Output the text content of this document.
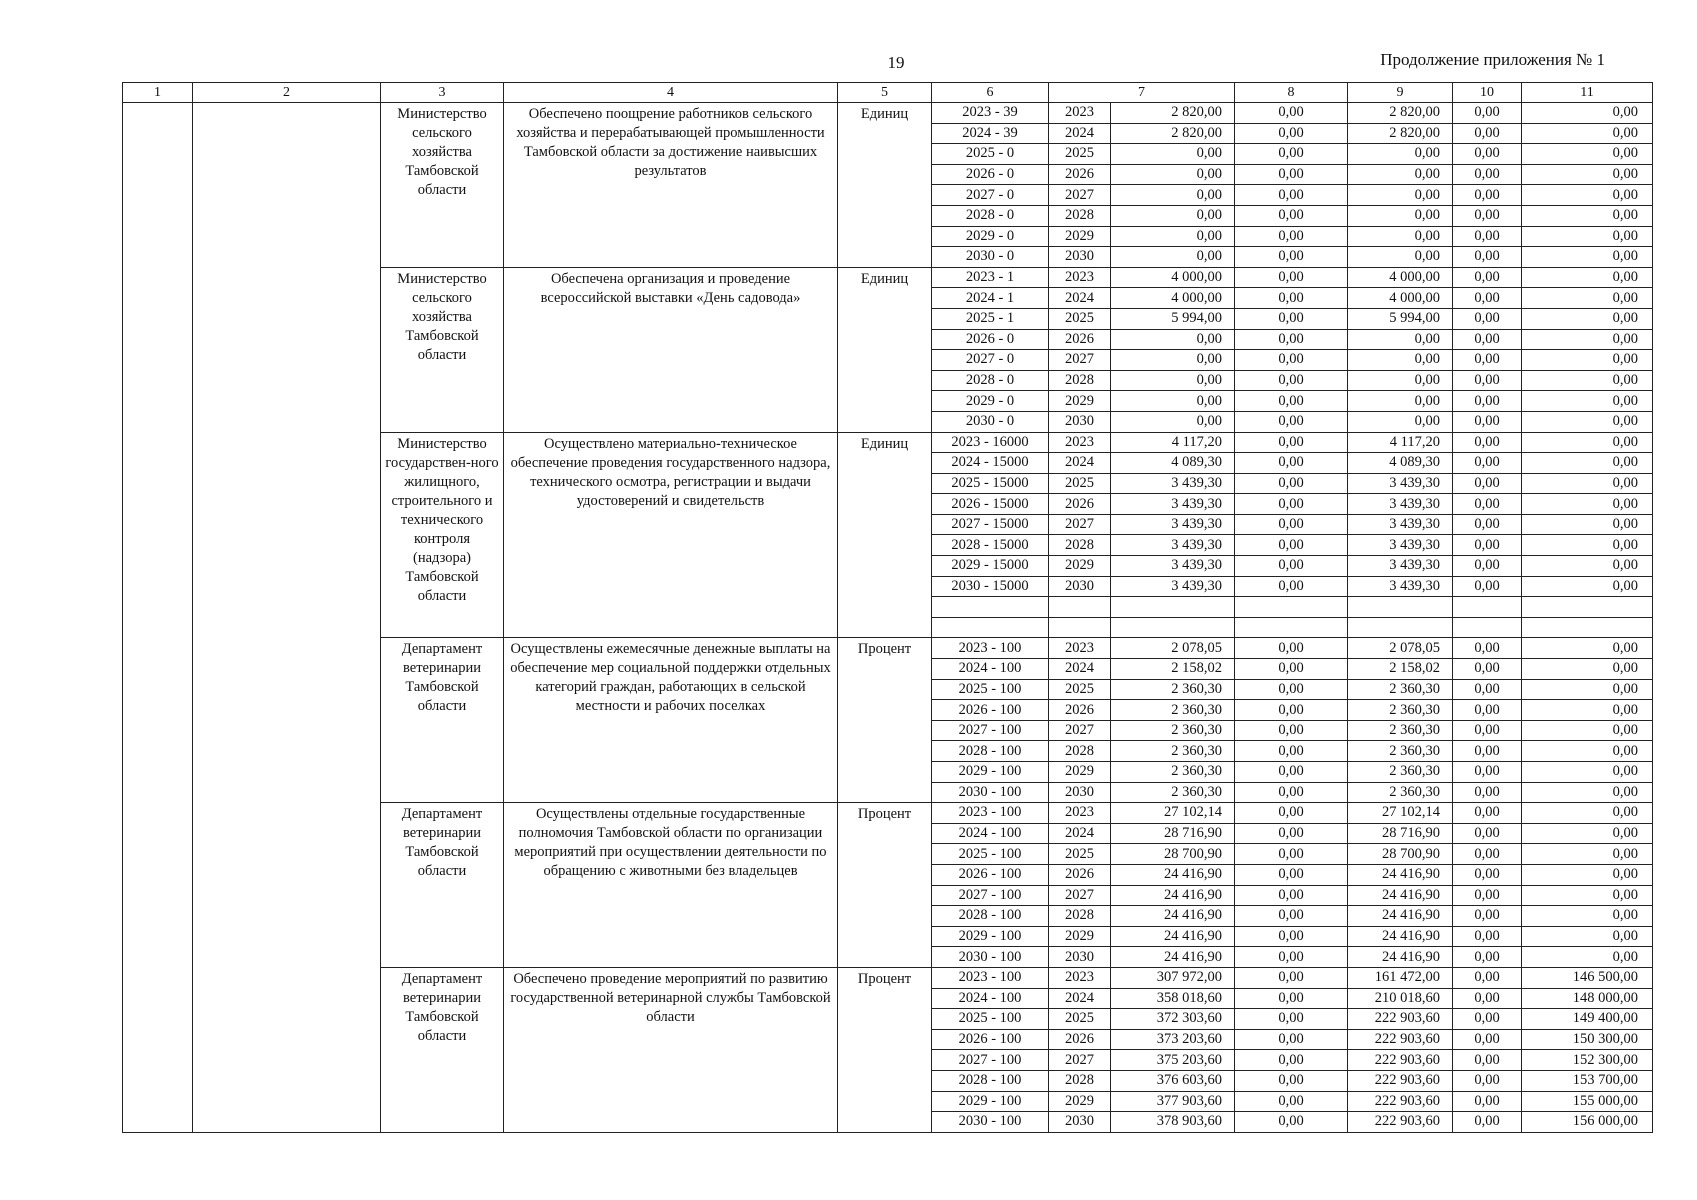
19	Продолжение приложения № 1
1	2	3	4	5	6	7		8	9	10	11
		Министерство сельского хозяйства Тамбовской области	Обеспечено поощрение работников сельского хозяйства и перерабатывающей промышленности Тамбовской области за достижение наивысших результатов	Единиц	2023 - 39	2023	2 820,00	0,00	2 820,00	0,00	0,00
					2024 - 39	2024	2 820,00	0,00	2 820,00	0,00	0,00
					2025 - 0	2025	0,00	0,00	0,00	0,00	0,00
					2026 - 0	2026	0,00	0,00	0,00	0,00	0,00
					2027 - 0	2027	0,00	0,00	0,00	0,00	0,00
					2028 - 0	2028	0,00	0,00	0,00	0,00	0,00
					2029 - 0	2029	0,00	0,00	0,00	0,00	0,00
					2030 - 0	2030	0,00	0,00	0,00	0,00	0,00
		Министерство сельского хозяйства Тамбовской области	Обеспечена организация и проведение всероссийской выставки «День садовода»	Единиц	2023 - 1	2023	4 000,00	0,00	4 000,00	0,00	0,00
					2024 - 1	2024	4 000,00	0,00	4 000,00	0,00	0,00
					2025 - 1	2025	5 994,00	0,00	5 994,00	0,00	0,00
					2026 - 0	2026	0,00	0,00	0,00	0,00	0,00
					2027 - 0	2027	0,00	0,00	0,00	0,00	0,00
					2028 - 0	2028	0,00	0,00	0,00	0,00	0,00
					2029 - 0	2029	0,00	0,00	0,00	0,00	0,00
					2030 - 0	2030	0,00	0,00	0,00	0,00	0,00
		Министерство государствен-ного жилищного, строительного и технического контроля (надзора) Тамбовской области	Осуществлено материально-техническое обеспечение проведения государственного надзора, технического осмотра, регистрации и выдачи удостоверений и свидетельств	Единиц	2023 - 16000	2023	4 117,20	0,00	4 117,20	0,00	0,00
					2024 - 15000	2024	4 089,30	0,00	4 089,30	0,00	0,00
					2025 - 15000	2025	3 439,30	0,00	3 439,30	0,00	0,00
					2026 - 15000	2026	3 439,30	0,00	3 439,30	0,00	0,00
					2027 - 15000	2027	3 439,30	0,00	3 439,30	0,00	0,00
					2028 - 15000	2028	3 439,30	0,00	3 439,30	0,00	0,00
					2029 - 15000	2029	3 439,30	0,00	3 439,30	0,00	0,00
					2030 - 15000	2030	3 439,30	0,00	3 439,30	0,00	0,00

		Департамент ветеринарии Тамбовской области	Осуществлены ежемесячные денежные выплаты на обеспечение мер социальной поддержки отдельных категорий граждан, работающих в сельской местности и рабочих поселках	Процент	2023 - 100	2023	2 078,05	0,00	2 078,05	0,00	0,00
					2024 - 100	2024	2 158,02	0,00	2 158,02	0,00	0,00
					2025 - 100	2025	2 360,30	0,00	2 360,30	0,00	0,00
					2026 - 100	2026	2 360,30	0,00	2 360,30	0,00	0,00
					2027 - 100	2027	2 360,30	0,00	2 360,30	0,00	0,00
					2028 - 100	2028	2 360,30	0,00	2 360,30	0,00	0,00
					2029 - 100	2029	2 360,30	0,00	2 360,30	0,00	0,00
					2030 - 100	2030	2 360,30	0,00	2 360,30	0,00	0,00
		Департамент ветеринарии Тамбовской области	Осуществлены отдельные государственные полномочия Тамбовской области по организации мероприятий при осуществлении деятельности по обращению с животными без владельцев	Процент	2023 - 100	2023	27 102,14	0,00	27 102,14	0,00	0,00
					2024 - 100	2024	28 716,90	0,00	28 716,90	0,00	0,00
					2025 - 100	2025	28 700,90	0,00	28 700,90	0,00	0,00
					2026 - 100	2026	24 416,90	0,00	24 416,90	0,00	0,00
					2027 - 100	2027	24 416,90	0,00	24 416,90	0,00	0,00
					2028 - 100	2028	24 416,90	0,00	24 416,90	0,00	0,00
					2029 - 100	2029	24 416,90	0,00	24 416,90	0,00	0,00
					2030 - 100	2030	24 416,90	0,00	24 416,90	0,00	0,00
		Департамент ветеринарии Тамбовской области	Обеспечено проведение мероприятий по развитию государственной ветеринарной службы Тамбовской области	Процент	2023 - 100	2023	307 972,00	0,00	161 472,00	0,00	146 500,00
					2024 - 100	2024	358 018,60	0,00	210 018,60	0,00	148 000,00
					2025 - 100	2025	372 303,60	0,00	222 903,60	0,00	149 400,00
					2026 - 100	2026	373 203,60	0,00	222 903,60	0,00	150 300,00
					2027 - 100	2027	375 203,60	0,00	222 903,60	0,00	152 300,00
					2028 - 100	2028	376 603,60	0,00	222 903,60	0,00	153 700,00
					2029 - 100	2029	377 903,60	0,00	222 903,60	0,00	155 000,00
					2030 - 100	2030	378 903,60	0,00	222 903,60	0,00	156 000,00
